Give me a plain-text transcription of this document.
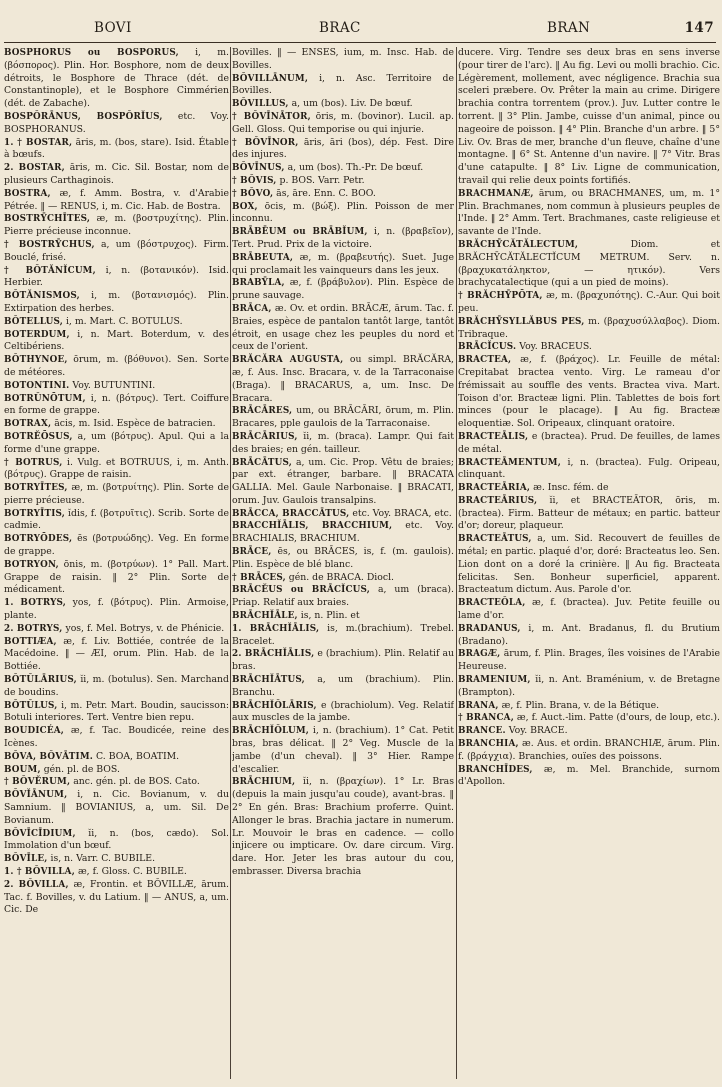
BOVI	BRAC	BRAN	147

BOSPHŎRUS ou BOSPŌRUS, i, m. (βόσπορος). Plin. Hor. Bosphore, nom de deux détroits, le Bosphore de Thrace (dét. de Constantinople), et le Bosphore Cimmérien (dét. de Zabache).

BOSPŎRĀNUS, BOSPŎRĬUS, etc. Voy. BOSPHORANUS.

1. † BOSTAR, āris, m. (bos, stare). Isid. Étable à bœufs.

2. BOSTAR, āris, m. Cic. Sil. Bostar, nom de plusieurs Carthaginois.

BOSTRA, æ, f. Amm. Bostra, v. d'Arabie Pétrée. ‖ — RENUS, i, m. Cic. Hab. de Bostra.

BOSTRȲCHĪTES, æ, m. (βοστρυχίτης). Plin. Pierre précieuse inconnue.

† BOSTRȲCHUS, a, um (βόστρυχος). Firm. Bouclé, frisé.

† BŎTĂNĬCUM, i, n. (βοτανικόν). Isid. Herbier.

BŎTĂNISMOS, i, m. (βοτανισμός). Plin. Extirpation des herbes.

BŎTELLUS, i, m. Mart. C. BOTULUS.

BOTERDUM, i, n. Mart. Boterdum, v. des Celtibériens.

BŎTHYNOE, ōrum, m. (βόθυνοι). Sen. Sorte de météores.

BOTONTINI. Voy. BUTUNTINI.

BOTRŬNŌTUM, i, n. (βότρυς). Tert. Coiffure en forme de grappe.

BOTRAX, ācis, m. Isid. Espèce de batracien.

BOTRĔŌSUS, a, um (βότρυς). Apul. Qui a la forme d'une grappe.

† BOTRUS, i. Vulg. et BOTRUUS, i, m. Anth. (βότρυς). Grappe de raisin.

BOTRYĪTES, æ, m. (βοτρυίτης). Plin. Sorte de pierre précieuse.

BOTRYĪTIS, ĭdis, f. (βοτρυῖτις). Scrib. Sorte de cadmie.

BOTRYŌDES, ēs (βοτρυώδης). Veg. En forme de grappe.

BOTRYON, ōnis, m. (βοτρύων). 1° Pall. Mart. Grappe de raisin. ‖ 2° Plin. Sorte de médicament.

1. BOTRYS, yos, f. (βότρυς). Plin. Armoise, plante.

2. BOTRYS, yos, f. Mel. Botrys, v. de Phénicie.

BOTTIÆA, æ, f. Liv. Bottiée, contrée de la Macédoine. ‖ — ÆI, orum. Plin. Hab. de la Bottiée.

BŎTŬLĀRIUS, ĭi, m. (botulus). Sen. Marchand de boudins.

BŎTŬLUS, i, m. Petr. Mart. Boudin, saucisson: Botuli interiores. Tert. Ventre bien repu.

BOUDICÉA, æ, f. Tac. Boudicée, reine des Icènes.

BŎVA, BŎVĀTIM. C. BOA, BOATIM.

BOUM, gén. pl. de BOS.

† BŎVĔRUM, anc. gén. pl. de BOS. Cato.

BŎVĬĀNUM, i, n. Cic. Bovianum, v. du Samnium. ‖ BOVIANIUS, a, um. Sil. De Bovianum.

BŎVĪCĪDIUM, ĭi, n. (bos, cædo). Sol. Immolation d'un bœuf.

BŎVĪLE, is, n. Varr. C. BUBILE.

1. † BŎVILLA, æ, f. Gloss. C. BUBILE.

2. BŎVILLA, æ, Frontin. et BŎVILLÆ, ārum. Tac. f. Bovilles, v. du Latium. ‖ — ANUS, a, um. Cic. De

Bovilles. ‖ — ENSES, ium, m. Insc. Hab. de Bovilles.

BŎVILLĀNUM, i, n. Asc. Territoire de Bovilles.

BŎVILLUS, a, um (bos). Liv. De bœuf.

† BŎVĪNĀTOR, ōris, m. (bovinor). Lucil. ap. Gell. Gloss. Qui temporise ou qui injurie.

† BŎVĪNOR, āris, āri (bos), dép. Fest. Dire des injures.

BŎVĪNUS, a, um (bos). Th.-Pr. De bœuf.

† BŎVIS, p. BOS. Varr. Petr.

† BŎVO, ās, āre. Enn. C. BOO.

BOX, ōcis, m. (βώξ). Plin. Poisson de mer inconnu.

BRĀBĒUM ou BRĀBĬUM, i, n. (βραβεῖον), Tert. Prud. Prix de la victoire.

BRĀBEUTA, æ, m. (βραβευτής). Suet. Juge qui proclamait les vainqueurs dans les jeux.

BRABȲLA, æ, f. (βράβυλον). Plin. Espèce de prune sauvage.

BRĀCA, æ. Ov. et ordin. BRĀCÆ, ārum. Tac. f. Braies, espèce de pantalon tantôt large, tantôt étroit, en usage chez les peuples du nord et ceux de l'orient.

BRĂCĂRA AUGUSTA, ou simpl. BRĂCĂRA, æ, f. Aus. Insc. Bracara, v. de la Tarraconaise (Braga). ‖ BRACARUS, a, um. Insc. De Bracara.

BRĀCĀRES, um, ou BRĀCĀRI, ōrum, m. Plin. Bracares, pple gaulois de la Tarraconaise.

BRĀCĀRIUS, ĭi, m. (braca). Lampr. Qui fait des braies; en gén. tailleur.

BRĀCĀTUS, a, um. Cic. Prop. Vêtu de braies; par ext. étranger, barbare. ‖ BRACATA GALLIA. Mel. Gaule Narbonaise. ‖ BRACATI, orum. Juv. Gaulois transalpins.

BRĀCCA, BRACCĀTUS, etc. Voy. BRACA, etc.

BRACCHĬĀLIS, BRACCHIUM, etc. Voy. BRACHIALIS, BRACHIUM.

BRĀCE, ēs, ou BRĀCES, is, f. (m. gaulois). Plin. Espèce de blé blanc.

† BRĀCES, gén. de BRACA. Diocl.

BRĀCĔUS ou BRĀCĬCUS, a, um (braca). Priap. Relatif aux braies.

BRĀCHĬĀLE, is, n. Plin. et

1. BRĀCHĬĀLIS, is, m.(brachium). Trebel. Bracelet.

2. BRĀCHĬĀLIS, e (brachium). Plin. Relatif au bras.

BRĀCHĬĀTUS, a, um (brachium). Plin. Branchu.

BRĀCHĬŎLĀRIS, e (brachiolum). Veg. Relatif aux muscles de la jambe.

BRĀCHĬŎLUM, i, n. (brachium). 1° Cat. Petit bras, bras délicat. ‖ 2° Veg. Muscle de la jambe (d'un cheval). ‖ 3° Hier. Rampe d'escalier.

BRĀCHIUM, ĭi, n. (βραχίων). 1° Lr. Bras (depuis la main jusqu'au coude), avant-bras. ‖ 2° En gén. Bras: Brachium proferre. Quint. Allonger le bras. Brachia jactare in numerum. Lr. Mouvoir le bras en cadence. — collo injicere ou impticare. Ov. dare circum. Virg. dare. Hor. Jeter les bras autour du cou, embrasser. Diversa brachia

ducere. Virg. Tendre ses deux bras en sens inverse (pour tirer de l'arc). ‖ Au fig. Levi ou molli brachio. Cic. Légèrement, mollement, avec négligence. Brachia sua sceleri præbere. Ov. Prêter la main au crime. Dirigere brachia contra torrentem (prov.). Juv. Lutter contre le torrent. ‖ 3° Plin. Jambe, cuisse d'un animal, pince ou nageoire de poisson. ‖ 4° Plin. Branche d'un arbre. ‖ 5° Liv. Ov. Bras de mer, branche d'un fleuve, chaîne d'une montagne. ‖ 6° St. Antenne d'un navire. ‖ 7° Vitr. Bras d'une catapulte. ‖ 8° Liv. Ligne de communication, travail qui relie deux points fortifiés.

BRACHMANÆ, ārum, ou BRACHMANES, um, m. 1° Plin. Brachmanes, nom commun à plusieurs peuples de l'Inde. ‖ 2° Amm. Tert. Brachmanes, caste religieuse et savante de l'Inde.

BRĂCHȲCĂTĂLECTUM, Diom. et BRĂCHȲCĂTĂLECTĬCUM METRUM. Serv. n. (βραχυκατάληκτον, — ητικόν). Vers brachycatalectique (qui a un pied de moins).

† BRĂCHȲPŌTA, æ, m. (βραχυπότης). C.-Aur. Qui boit peu.

BRĂCHȲSYLLĂBUS PES, m. (βραχυσύλλαβος). Diom. Tribraque.

BRĀCĬCUS. Voy. BRACEUS.

BRACTEA, æ, f. (βράχος). Lr. Feuille de métal: Crepitabat bractea vento. Virg. Le rameau d'or frémissait au souffle des vents. Bractea viva. Mart. Toison d'or. Bracteæ ligni. Plin. Tablettes de bois fort minces (pour le placage). ‖ Au fig. Bracteæ eloquentiæ. Sol. Oripeaux, clinquant oratoire.

BRACTEĀLIS, e (bractea). Prud. De feuilles, de lames de métal.

BRACTEĀMENTUM, i, n. (bractea). Fulg. Oripeau, clinquant.

BRACTEĀRIA, æ. Insc. fém. de

BRACTEĀRIUS, ĭi, et BRACTEĀTOR, ōris, m. (bractea). Firm. Batteur de métaux; en partic. batteur d'or; doreur, plaqueur.

BRACTEĀTUS, a, um. Sid. Recouvert de feuilles de métal; en partic. plaqué d'or, doré: Bracteatus leo. Sen. Lion dont on a doré la crinière. ‖ Au fig. Bracteata felicitas. Sen. Bonheur superficiel, apparent. Bracteatum dictum. Aus. Parole d'or.

BRACTEŎLA, æ, f. (bractea). Juv. Petite feuille ou lame d'or.

BRADANUS, i, m. Ant. Bradanus, fl. du Brutium (Bradano).

BRAGÆ, ārum, f. Plin. Brages, îles voisines de l'Arabie Heureuse.

BRAMENIUM, ĭi, n. Ant. Braménium, v. de Bretagne (Brampton).

BRANA, æ, f. Plin. Brana, v. de la Bétique.

† BRANCA, æ, f. Auct.-lim. Patte (d'ours, de loup, etc.).

BRANCE. Voy. BRACE.

BRANCHIA, æ. Aus. et ordin. BRANCHIÆ, ārum. Plin. f. (βράγχια). Branchies, ouïes des poissons.

BRANCHĪDES, æ, m. Mel. Branchide, surnom d'Apollon.
